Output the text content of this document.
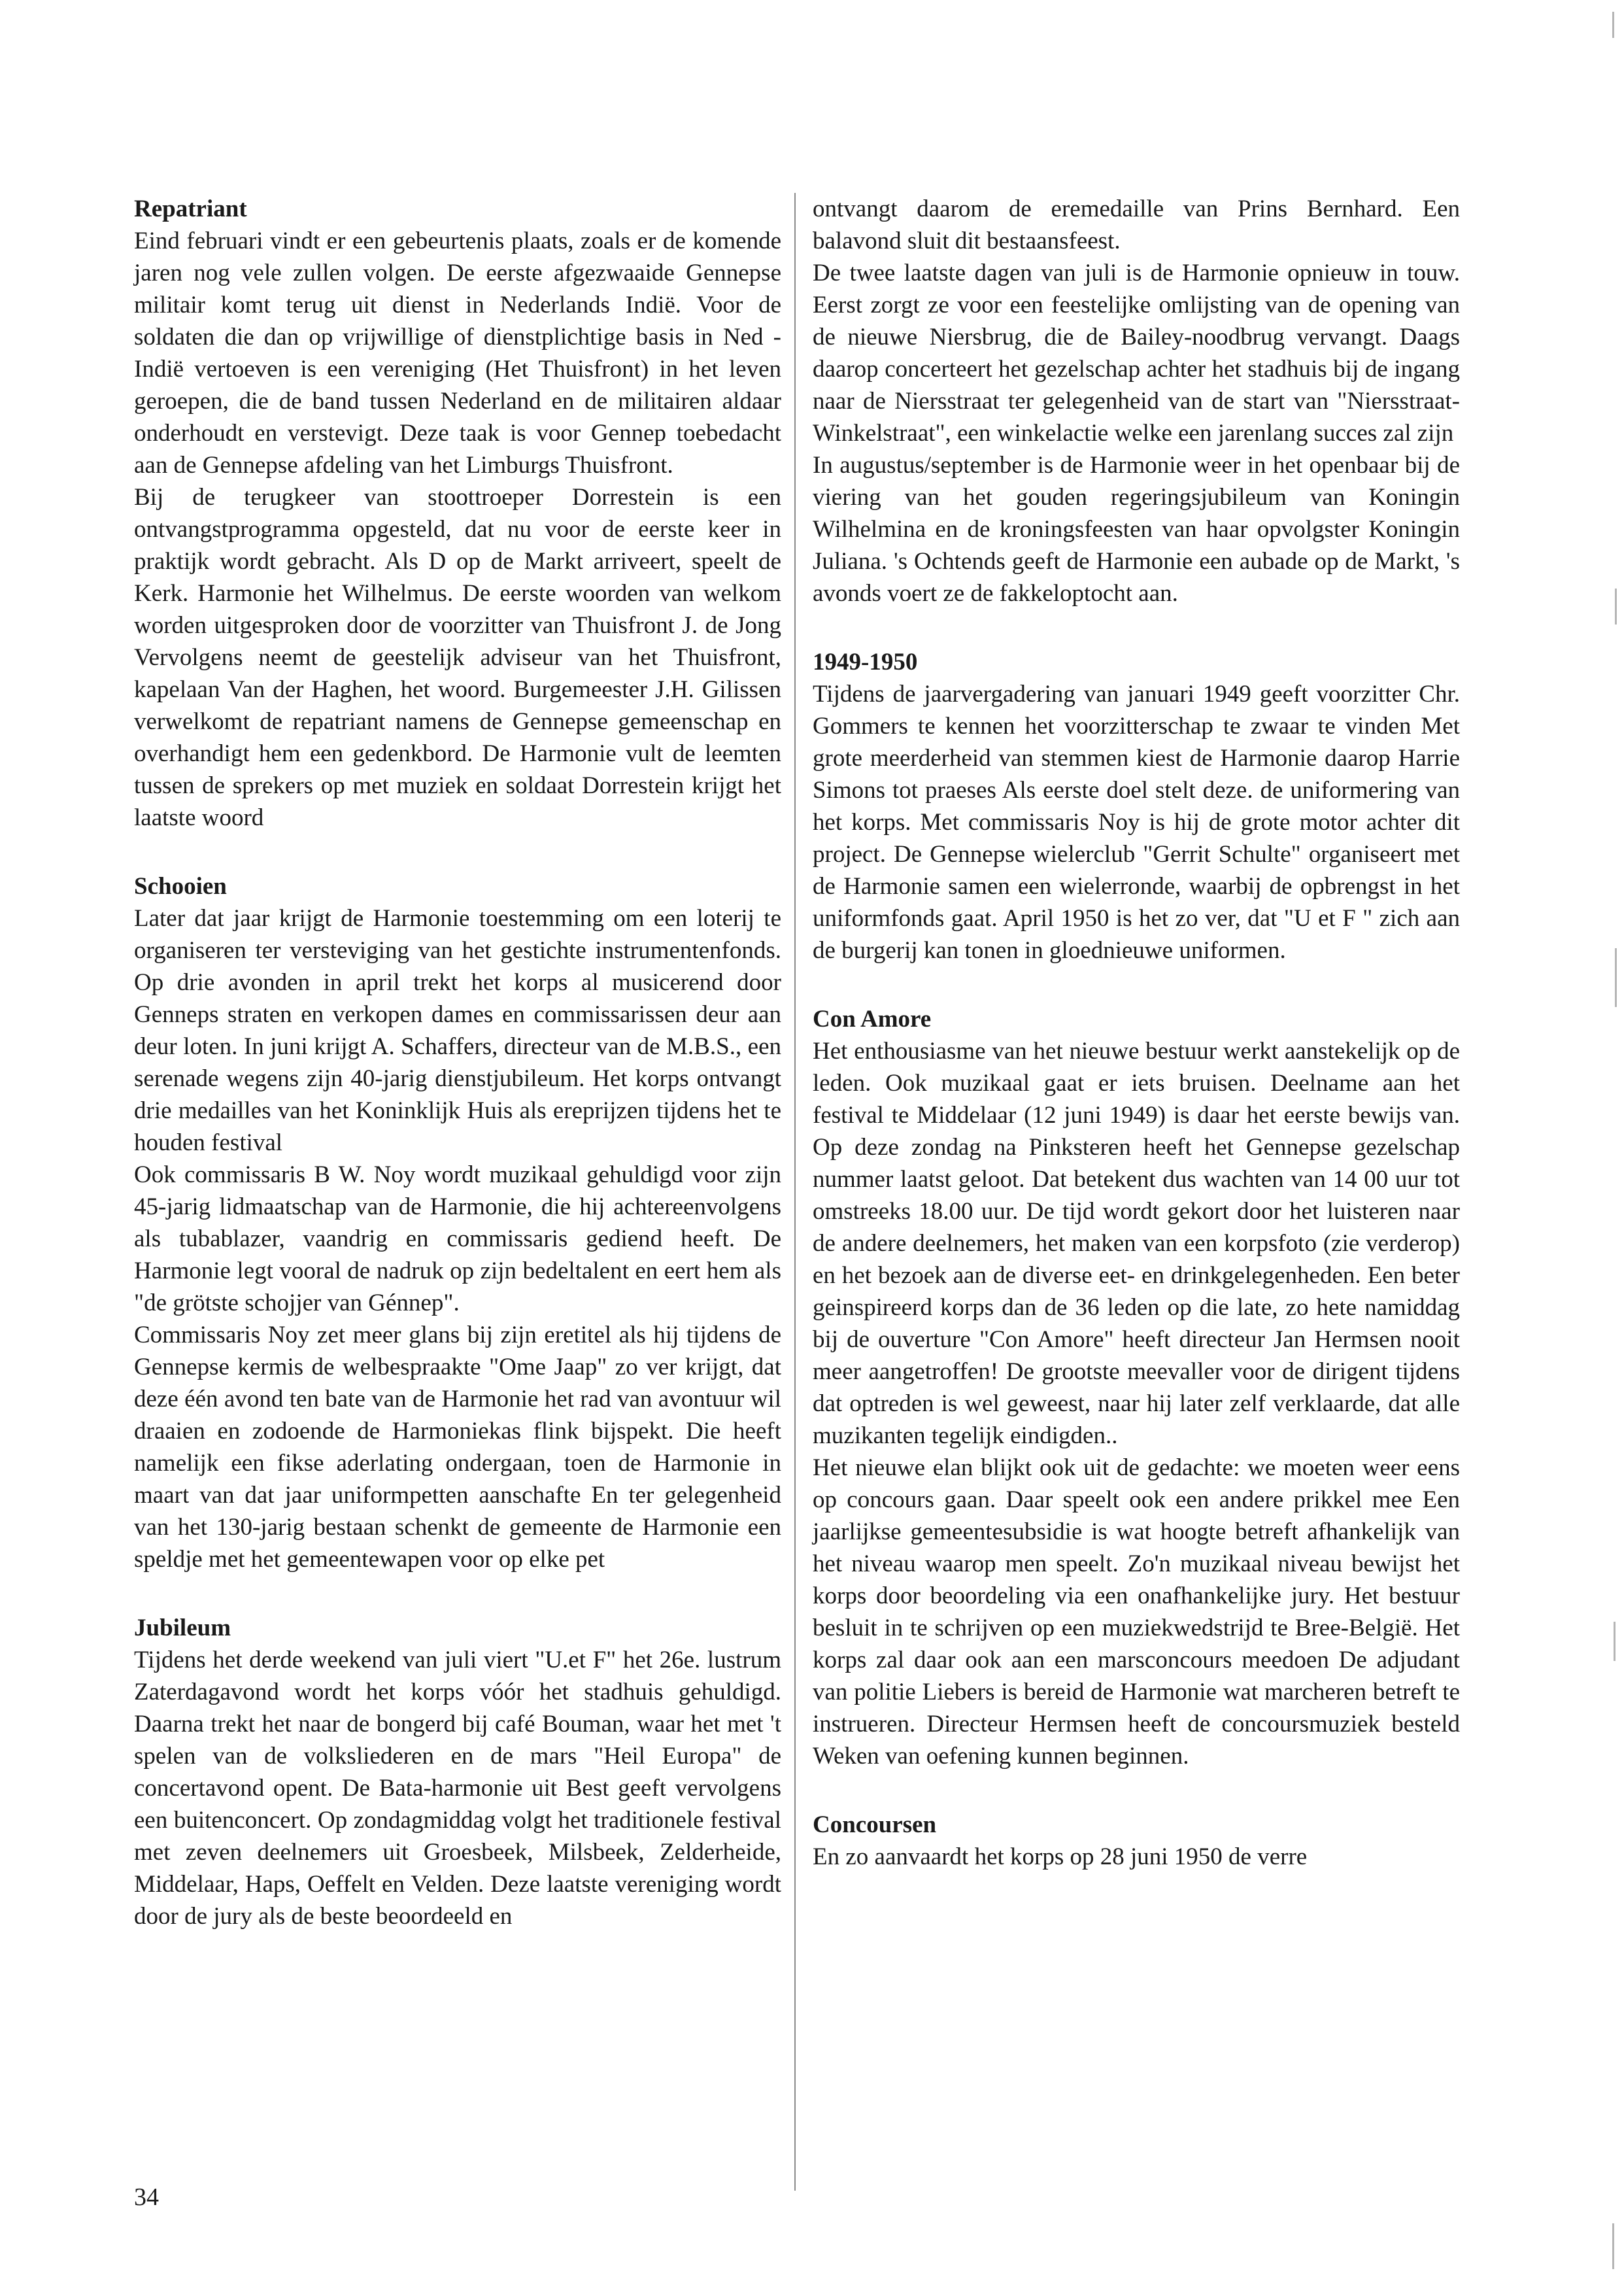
Repatriant
Eind februari vindt er een gebeurtenis plaats, zoals er de komende jaren nog vele zullen volgen. De eerste afgezwaaide Gennepse militair komt terug uit dienst in Nederlands Indië. Voor de soldaten die dan op vrijwillige of dienstplichtige basis in Ned - Indië vertoeven is een vereniging (Het Thuisfront) in het leven geroepen, die de band tussen Nederland en de militairen aldaar onderhoudt en verstevigt. Deze taak is voor Gennep toebedacht aan de Gennepse afdeling van het Limburgs Thuisfront.
Bij de terugkeer van stoottroeper Dorrestein is een ontvangstprogramma opgesteld, dat nu voor de eerste keer in praktijk wordt gebracht. Als D op de Markt arriveert, speelt de Kerk. Harmonie het Wilhelmus. De eerste woorden van welkom worden uitgesproken door de voorzitter van Thuisfront J. de Jong Vervolgens neemt de geestelijk adviseur van het Thuisfront, kapelaan Van der Haghen, het woord. Burgemeester J.H. Gilissen verwelkomt de repatriant namens de Gennepse gemeenschap en overhandigt hem een gedenkbord. De Harmonie vult de leemten tussen de sprekers op met muziek en soldaat Dorrestein krijgt het laatste woord
Schooien
Later dat jaar krijgt de Harmonie toestemming om een loterij te organiseren ter versteviging van het gestichte instrumentenfonds. Op drie avonden in april trekt het korps al musicerend door Genneps straten en verkopen dames en commissarissen deur aan deur loten. In juni krijgt A. Schaffers, directeur van de M.B.S., een serenade wegens zijn 40-jarig dienstjubileum. Het korps ontvangt drie medailles van het Koninklijk Huis als ereprijzen tijdens het te houden festival
Ook commissaris B W. Noy wordt muzikaal gehuldigd voor zijn 45-jarig lidmaatschap van de Harmonie, die hij achtereenvolgens als tubablazer, vaandrig en commissaris gediend heeft. De Harmonie legt vooral de nadruk op zijn bedeltalent en eert hem als "de grötste schojjer van Génnep".
Commissaris Noy zet meer glans bij zijn eretitel als hij tijdens de Gennepse kermis de welbespraakte "Ome Jaap" zo ver krijgt, dat deze één avond ten bate van de Harmonie het rad van avontuur wil draaien en zodoende de Harmoniekas flink bijspekt. Die heeft namelijk een fikse aderlating ondergaan, toen de Harmonie in maart van dat jaar uniformpetten aanschafte En ter gelegenheid van het 130-jarig bestaan schenkt de gemeente de Harmonie een speldje met het gemeentewapen voor op elke pet
Jubileum
Tijdens het derde weekend van juli viert "U.et F" het 26e. lustrum Zaterdagavond wordt het korps vóór het stadhuis gehuldigd. Daarna trekt het naar de bongerd bij café Bouman, waar het met 't spelen van de volksliederen en de mars "Heil Europa" de concertavond opent. De Bata-harmonie uit Best geeft vervolgens een buitenconcert. Op zondagmiddag volgt het traditionele festival met zeven deelnemers uit Groesbeek, Milsbeek, Zelderheide, Middelaar, Haps, Oeffelt en Velden. Deze laatste vereniging wordt door de jury als de beste beoordeeld en
ontvangt daarom de eremedaille van Prins Bernhard. Een balavond sluit dit bestaansfeest.
De twee laatste dagen van juli is de Harmonie opnieuw in touw. Eerst zorgt ze voor een feestelijke omlijsting van de opening van de nieuwe Niersbrug, die de Bailey-noodbrug vervangt. Daags daarop concerteert het gezelschap achter het stadhuis bij de ingang naar de Niersstraat ter gelegenheid van de start van "Niersstraat-Winkelstraat", een winkelactie welke een jarenlang succes zal zijn
In augustus/september is de Harmonie weer in het openbaar bij de viering van het gouden regeringsjubileum van Koningin Wilhelmina en de kroningsfeesten van haar opvolgster Koningin Juliana. 's Ochtends geeft de Harmonie een aubade op de Markt, 's avonds voert ze de fakkeloptocht aan.
1949-1950
Tijdens de jaarvergadering van januari 1949 geeft voorzitter Chr. Gommers te kennen het voorzitterschap te zwaar te vinden Met grote meerderheid van stemmen kiest de Harmonie daarop Harrie Simons tot praeses Als eerste doel stelt deze. de uniformering van het korps. Met commissaris Noy is hij de grote motor achter dit project. De Gennepse wielerclub "Gerrit Schulte" organiseert met de Harmonie samen een wielerronde, waarbij de opbrengst in het uniformfonds gaat. April 1950 is het zo ver, dat "U et F " zich aan de burgerij kan tonen in gloednieuwe uniformen.
Con Amore
Het enthousiasme van het nieuwe bestuur werkt aanstekelijk op de leden. Ook muzikaal gaat er iets bruisen. Deelname aan het festival te Middelaar (12 juni 1949) is daar het eerste bewijs van. Op deze zondag na Pinksteren heeft het Gennepse gezelschap nummer laatst geloot. Dat betekent dus wachten van 14 00 uur tot omstreeks 18.00 uur. De tijd wordt gekort door het luisteren naar de andere deelnemers, het maken van een korpsfoto (zie verderop) en het bezoek aan de diverse eet- en drinkgelegenheden. Een beter geinspireerd korps dan de 36 leden op die late, zo hete namiddag bij de ouverture "Con Amore" heeft directeur Jan Hermsen nooit meer aangetroffen! De grootste meevaller voor de dirigent tijdens dat optreden is wel geweest, naar hij later zelf verklaarde, dat alle muzikanten tegelijk eindigden..
Het nieuwe elan blijkt ook uit de gedachte: we moeten weer eens op concours gaan. Daar speelt ook een andere prikkel mee Een jaarlijkse gemeentesubsidie is wat hoogte betreft afhankelijk van het niveau waarop men speelt. Zo'n muzikaal niveau bewijst het korps door beoordeling via een onafhankelijke jury. Het bestuur besluit in te schrijven op een muziekwedstrijd te Bree-België. Het korps zal daar ook aan een marsconcours meedoen De adjudant van politie Liebers is bereid de Harmonie wat marcheren betreft te instrueren. Directeur Hermsen heeft de concoursmuziek besteld Weken van oefening kunnen beginnen.
Concoursen
En zo aanvaardt het korps op 28 juni 1950 de verre
34
